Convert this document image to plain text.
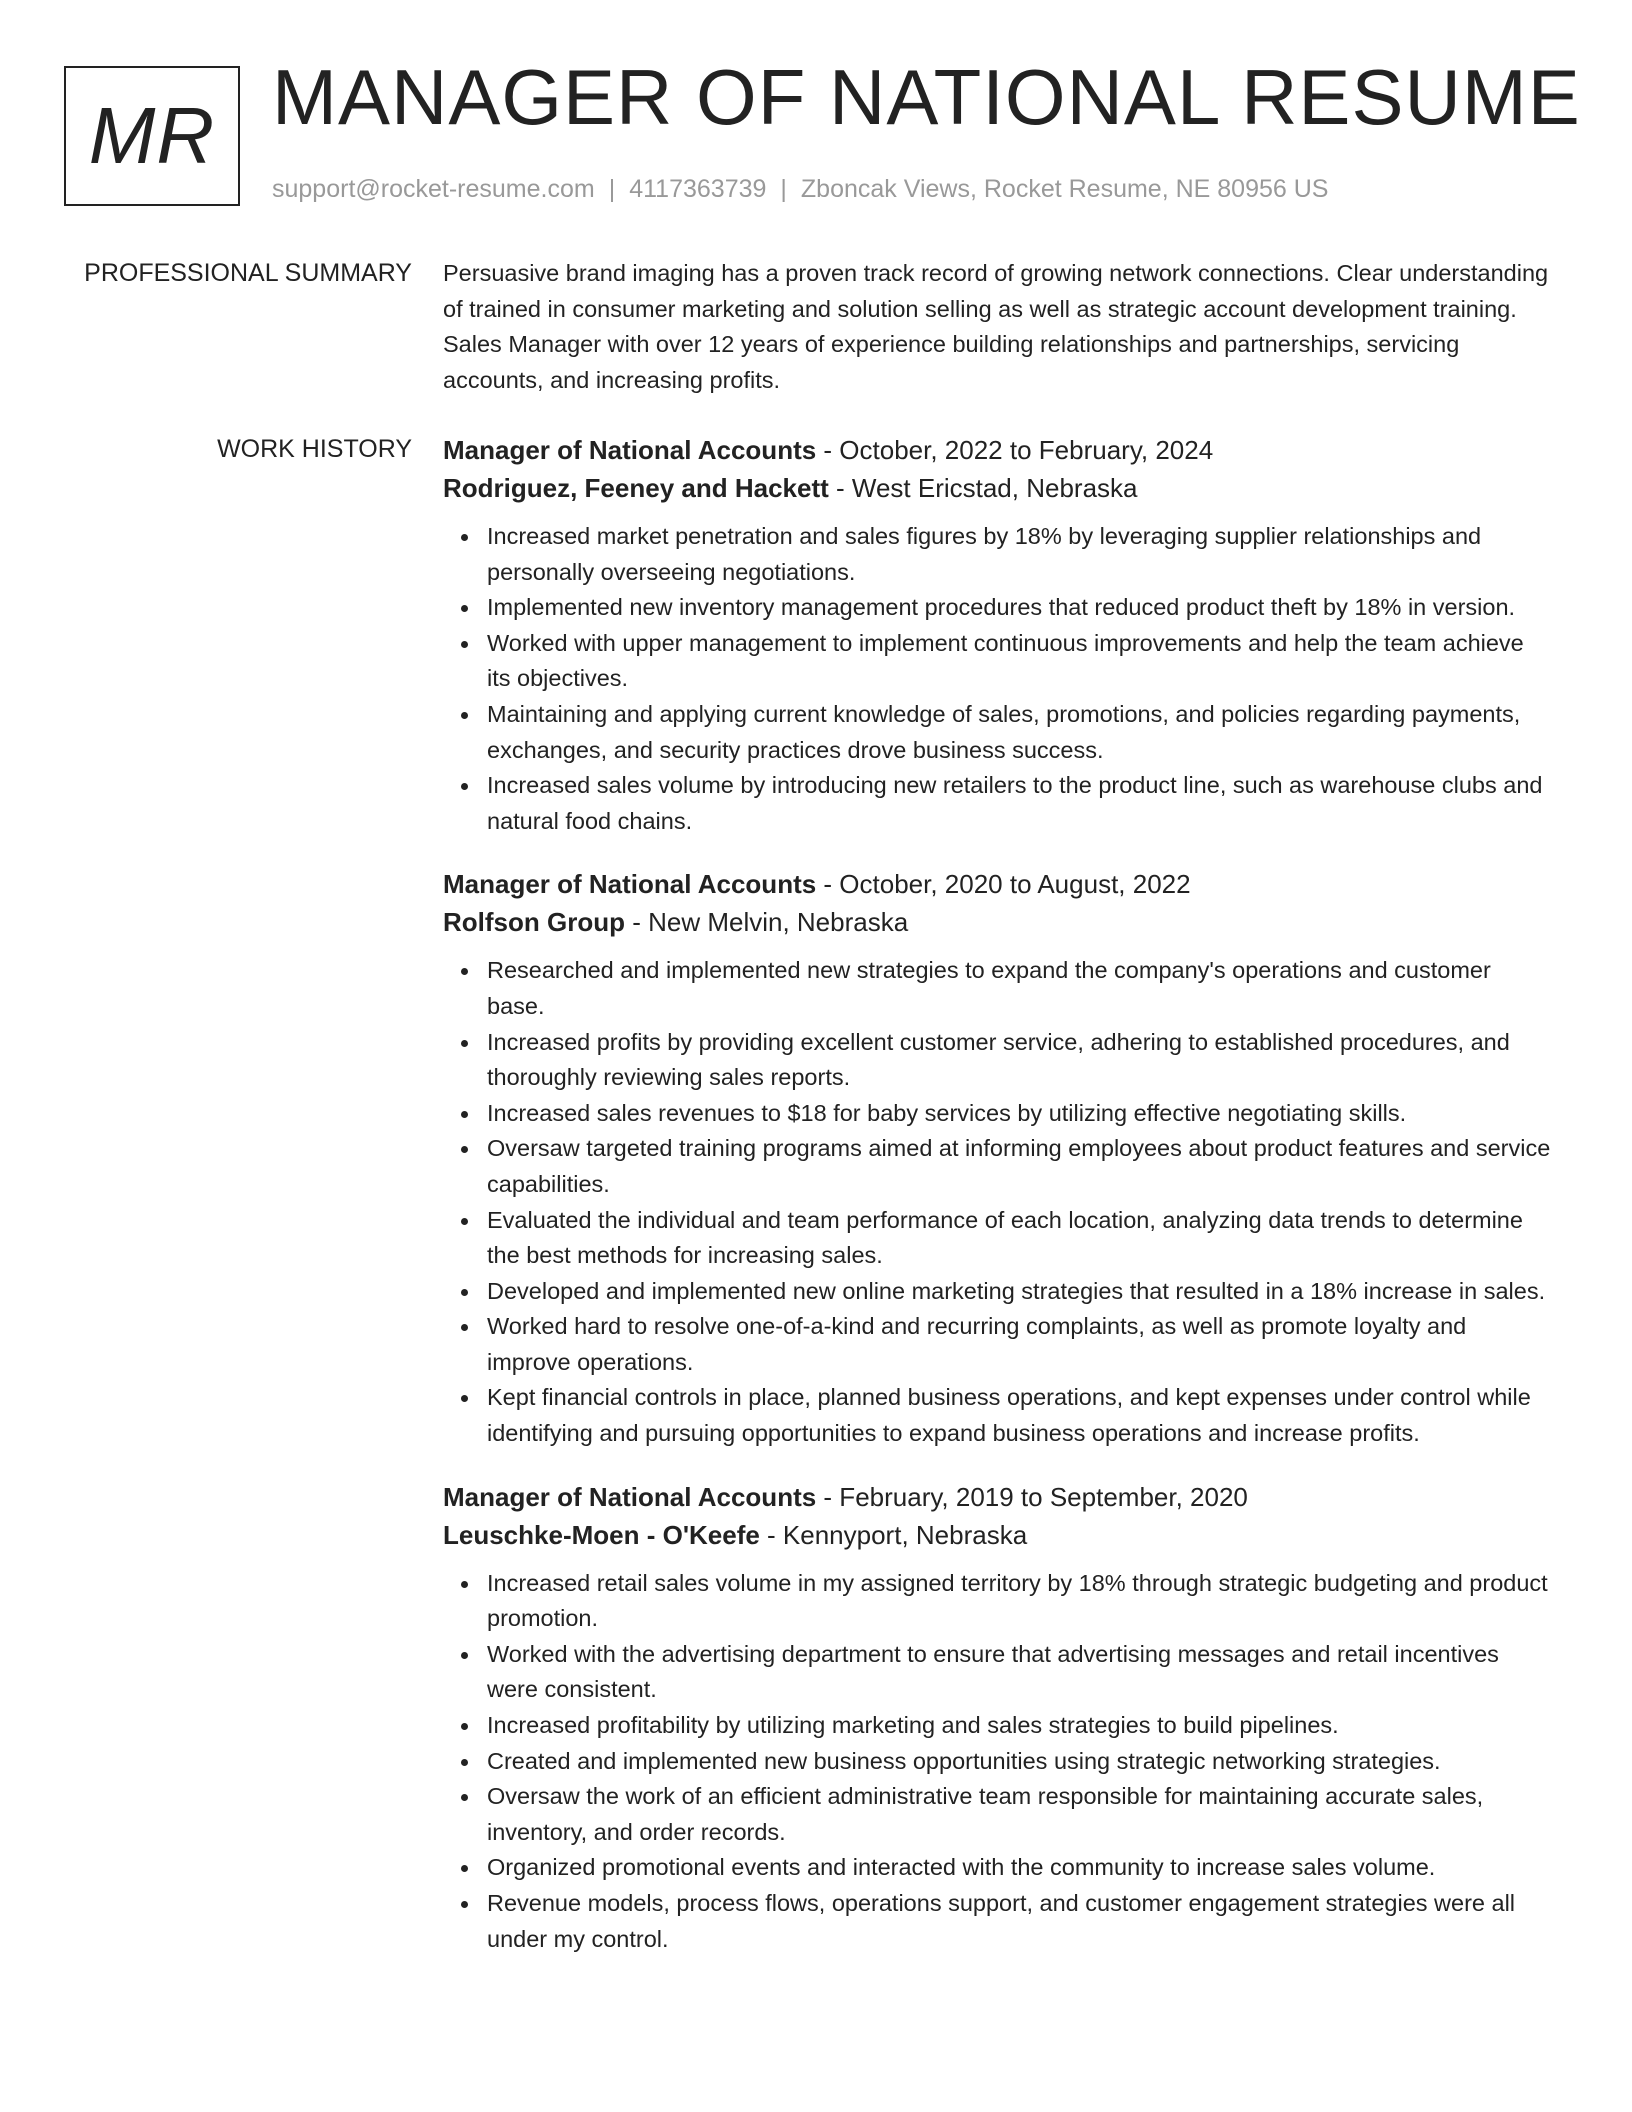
MR MANAGER OF NATIONAL RESUME
support@rocket-resume.com | 4117363739 | Zboncak Views, Rocket Resume, NE 80956 US
PROFESSIONAL SUMMARY Persuasive brand imaging has a proven track record of growing network connections. Clear understanding of trained in consumer marketing and solution selling as well as strategic account development training. Sales Manager with over 12 years of experience building relationships and partnerships, servicing accounts, and increasing profits.

WORK HISTORY Manager of National Accounts - October, 2022 to February, 2024
Rodriguez, Feeney and Hackett - West Ericstad, Nebraska
Increased market penetration and sales figures by 18% by leveraging supplier relationships and personally overseeing negotiations.
Implemented new inventory management procedures that reduced product theft by 18% in version.
Worked with upper management to implement continuous improvements and help the team achieve its objectives.
Maintaining and applying current knowledge of sales, promotions, and policies regarding payments, exchanges, and security practices drove business success.
Increased sales volume by introducing new retailers to the product line, such as warehouse clubs and natural food chains.
Manager of National Accounts - October, 2020 to August, 2022
Rolfson Group - New Melvin, Nebraska
Researched and implemented new strategies to expand the company's operations and customer base.
Increased profits by providing excellent customer service, adhering to established procedures, and thoroughly reviewing sales reports.
Increased sales revenues to $18 for baby services by utilizing effective negotiating skills.
Oversaw targeted training programs aimed at informing employees about product features and service capabilities.
Evaluated the individual and team performance of each location, analyzing data trends to determine the best methods for increasing sales.
Developed and implemented new online marketing strategies that resulted in a 18% increase in sales.
Worked hard to resolve one-of-a-kind and recurring complaints, as well as promote loyalty and improve operations.
Kept financial controls in place, planned business operations, and kept expenses under control while identifying and pursuing opportunities to expand business operations and increase profits.
Manager of National Accounts - February, 2019 to September, 2020
Leuschke-Moen - O'Keefe - Kennyport, Nebraska
Increased retail sales volume in my assigned territory by 18% through strategic budgeting and product promotion.
Worked with the advertising department to ensure that advertising messages and retail incentives were consistent.
Increased profitability by utilizing marketing and sales strategies to build pipelines.
Created and implemented new business opportunities using strategic networking strategies.
Oversaw the work of an efficient administrative team responsible for maintaining accurate sales, inventory, and order records.
Organized promotional events and interacted with the community to increase sales volume.
Revenue models, process flows, operations support, and customer engagement strategies were all under my control.
